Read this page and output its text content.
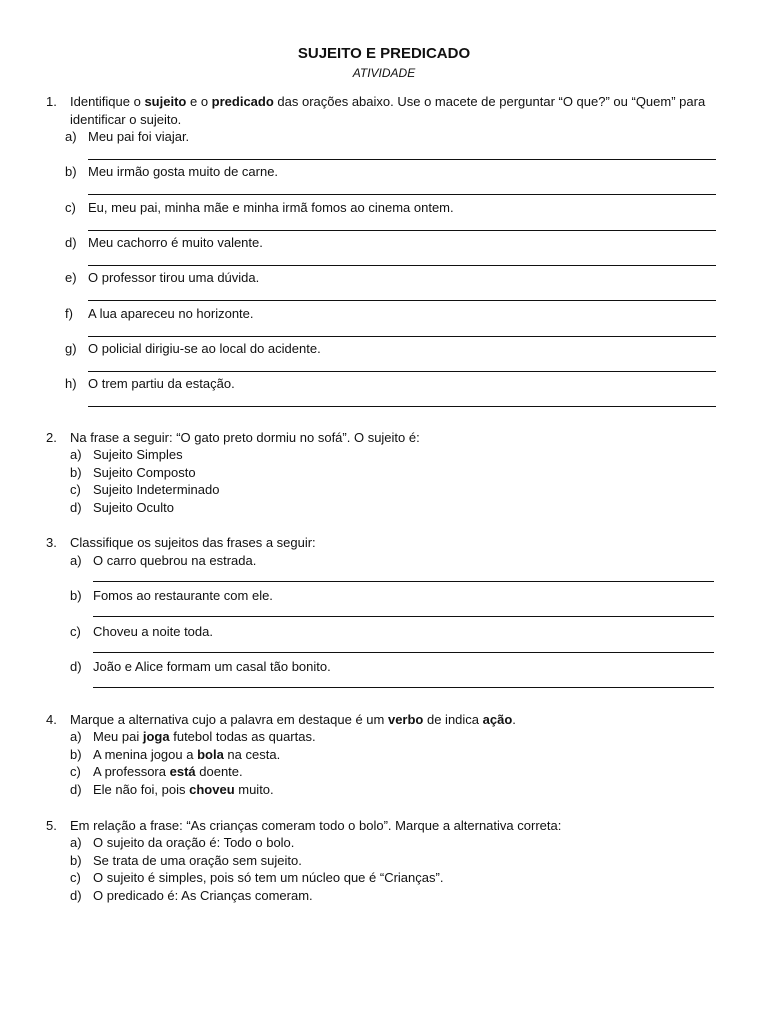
SUJEITO E PREDICADO
ATIVIDADE
1. Identifique o sujeito e o predicado das orações abaixo. Use o macete de perguntar “O que?” ou “Quem” para identificar o sujeito.
a) Meu pai foi viajar.
b) Meu irmão gosta muito de carne.
c) Eu, meu pai, minha mãe e minha irmã fomos ao cinema ontem.
d) Meu cachorro é muito valente.
e) O professor tirou uma dúvida.
f) A lua apareceu no horizonte.
g) O policial dirigiu-se ao local do acidente.
h) O trem partiu da estação.
2. Na frase a seguir: “O gato preto dormiu no sofá”. O sujeito é:
a) Sujeito Simples
b) Sujeito Composto
c) Sujeito Indeterminado
d) Sujeito Oculto
3. Classifique os sujeitos das frases a seguir:
a) O carro quebrou na estrada.
b) Fomos ao restaurante com ele.
c) Choveu a noite toda.
d) João e Alice formam um casal tão bonito.
4. Marque a alternativa cujo a palavra em destaque é um verbo de indica ação.
a) Meu pai joga futebol todas as quartas.
b) A menina jogou a bola na cesta.
c) A professora está doente.
d) Ele não foi, pois choveu muito.
5. Em relação a frase: “As crianças comeram todo o bolo”. Marque a alternativa correta:
a) O sujeito da oração é: Todo o bolo.
b) Se trata de uma oração sem sujeito.
c) O sujeito é simples, pois só tem um núcleo que é “Crianças”.
d) O predicado é: As Crianças comeram.
